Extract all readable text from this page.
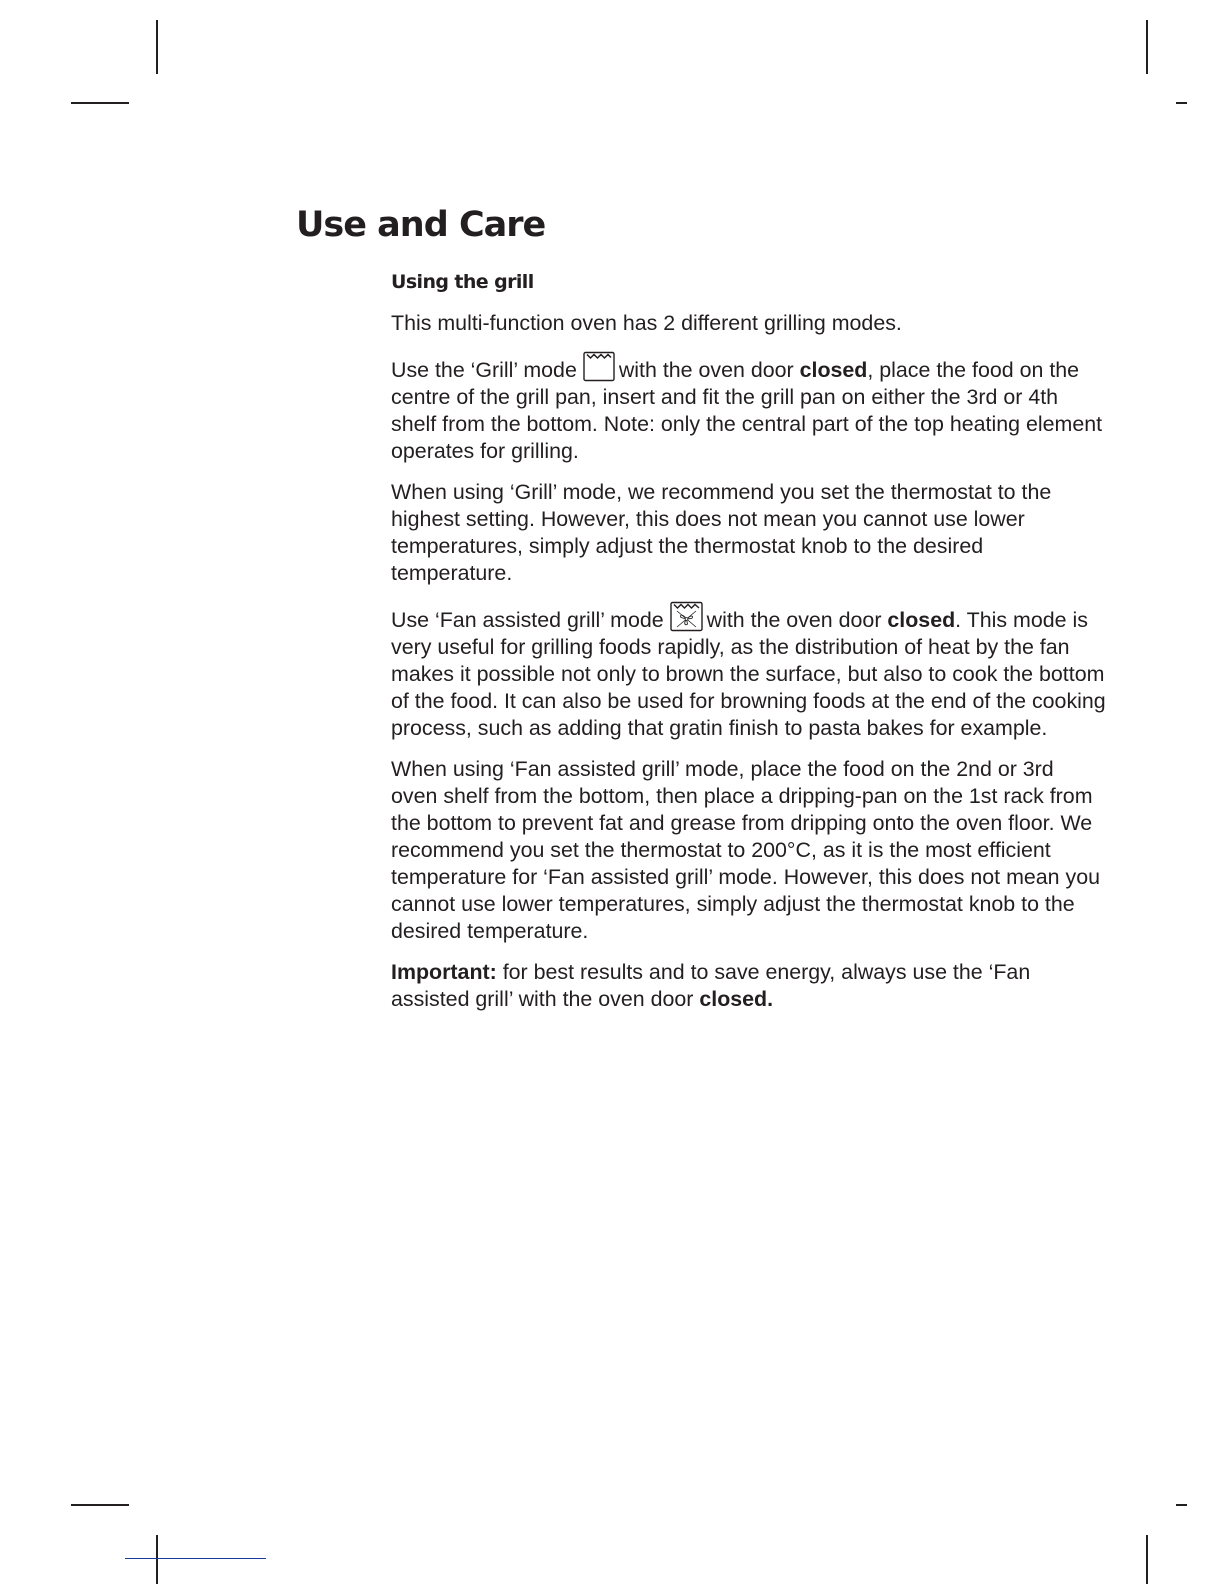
Use and Care
Using the grill

This multi-function oven has 2 different grilling modes.

Use the ‘Grill’ mode with the oven door closed, place the food on the centre of the grill pan, insert and fit the grill pan on either the 3rd or 4th shelf from the bottom. Note: only the central part of the top heating element operates for grilling.

When using ‘Grill’ mode, we recommend you set the thermostat to the highest setting. However, this does not mean you cannot use lower temperatures, simply adjust the thermostat knob to the desired temperature.

Use ‘Fan assisted grill’ mode with the oven door closed. This mode is very useful for grilling foods rapidly, as the distribution of heat by the fan makes it possible not only to brown the surface, but also to cook the bottom of the food. It can also be used for browning foods at the end of the cooking process, such as adding that gratin finish to pasta bakes for example.

When using ‘Fan assisted grill’ mode, place the food on the 2nd or 3rd oven shelf from the bottom, then place a dripping-pan on the 1st rack from the bottom to prevent fat and grease from dripping onto the oven floor. We recommend you set the thermostat to 200°C, as it is the most efficient temperature for ‘Fan assisted grill’ mode. However, this does not mean you cannot use lower temperatures, simply adjust the thermostat knob to the desired temperature.

Important: for best results and to save energy, always use the ‘Fan assisted grill’ with the oven door closed.
